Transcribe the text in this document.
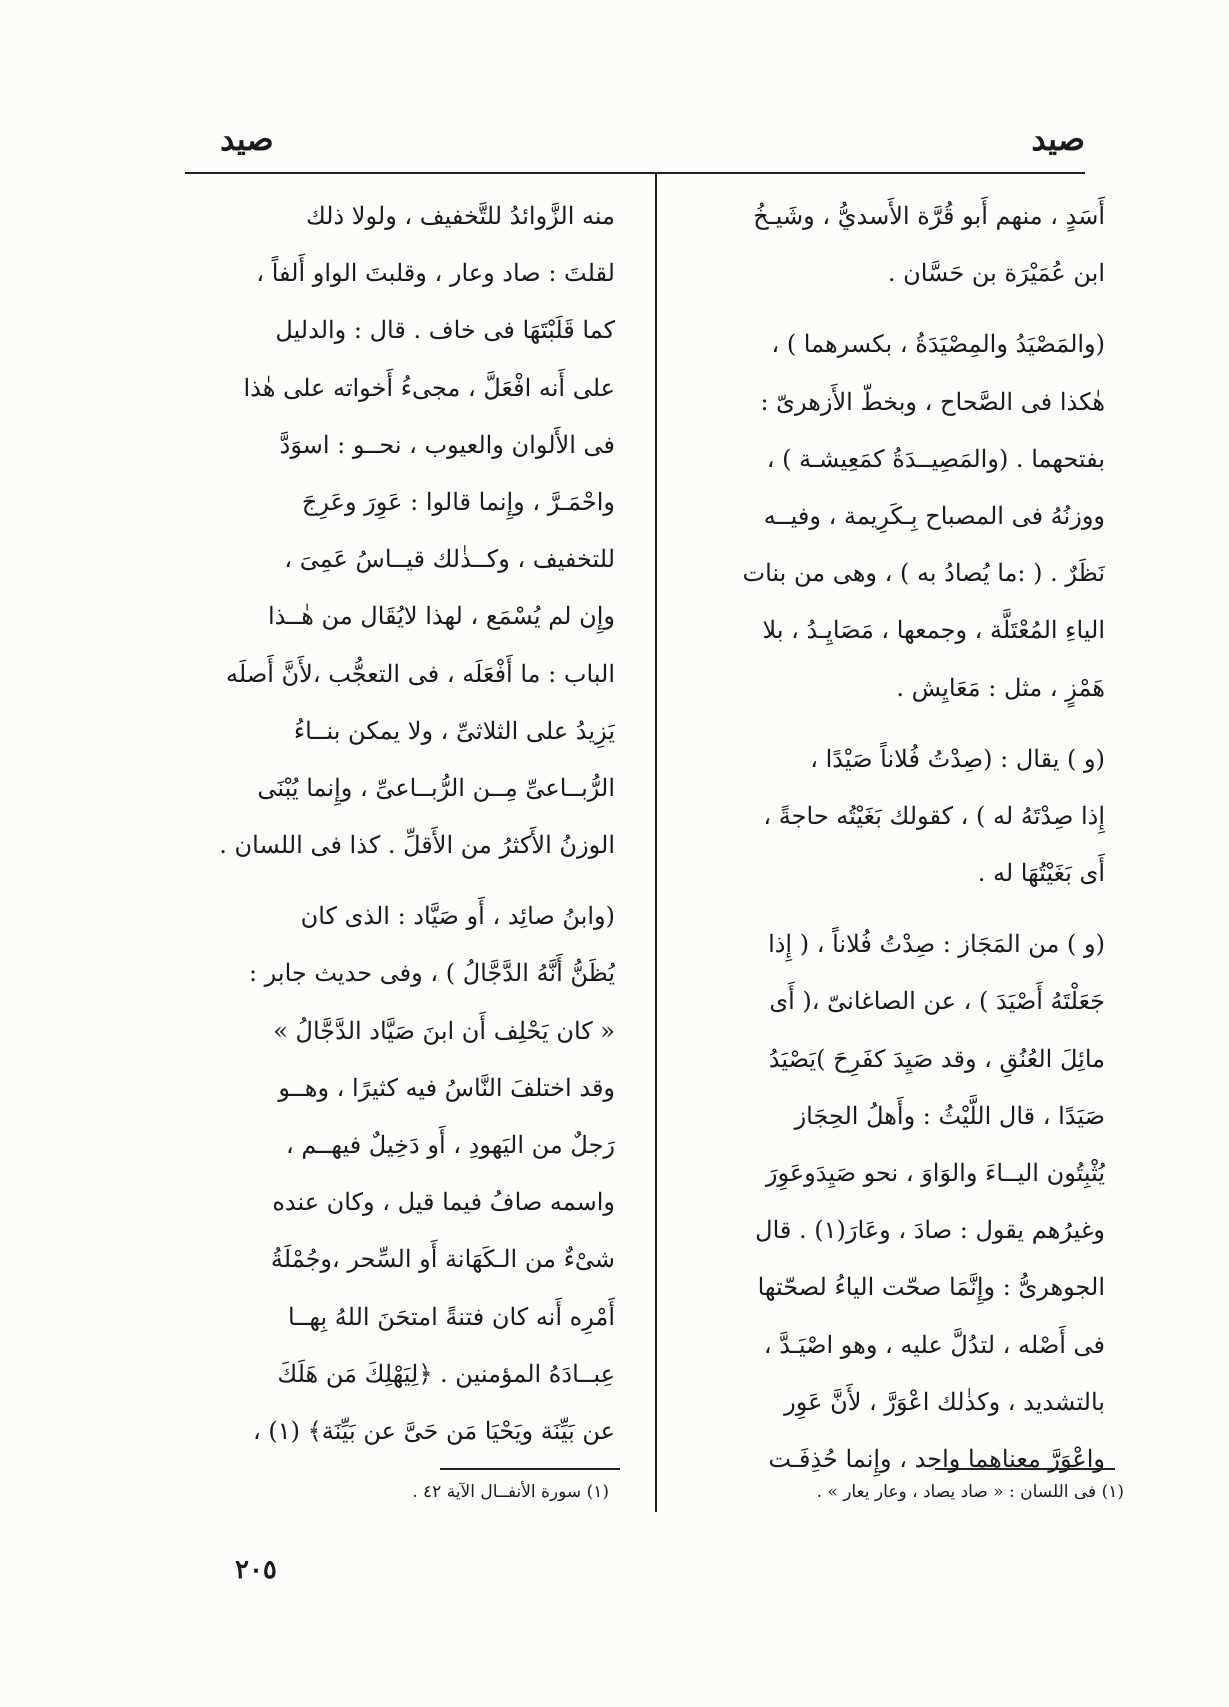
صيد
صيد
أَسَدٍ ، منهم أَبو قُرَّة الأَسديُّ ، وشَيـخُ
ابن عُمَيْرَة بن حَسَّان .
(والمَصْيَدُ والمِصْيَدَةُ ، بكسرهما ) ،
هٰكذا فى الصَّحاح ، وبخطّ الأَزهرىّ :
بفتحهما . (والمَصِيــدَةُ كمَعِيشـة ) ،
ووزنُهُ فى المصباح بِـكَرِيمة ، وفيــه
نَظَرٌ . ( :ما يُصادُ به ) ، وهى من بنات
الياءِ المُعْتَلَّة ، وجمعها ، مَصَايِـدُ ، بلا
هَمْزٍ ، مثل : مَعَايِش .
(و ) يقال : (صِدْتُ فُلاناً صَيْدًا ،
إِذا صِدْتَهُ له ) ، كقولك بَغَيْتُه حاجةً ،
أَى بَغَيْتُهَا له .
(و ) من المَجَاز : صِدْتُ فُلاناً ، ( إِذا
جَعَلْتَهُ أَصْيَدَ ) ، عن الصاغانىّ ،( أَى
مائِلَ العُنُقِ ، وقد صَيِدَ كفَرِحَ )يَصْيَدُ
صَيَدًا ، قال اللَّيْثُ : وأَهلُ الحِجَاز
يُثْبِتُون اليــاءَ والوَاوَ ، نحو صَيِدَوعَوِرَ
وغيرُهم يقول : صادَ ، وعَارَ(١) . قال
الجوهرىُّ : وإِنَّمَا صحّت الياءُ لصحّتها
فى أَصْله ، لتدُلَّ عليه ، وهو اصْيَـدَّ ،
بالتشديد ، وكذٰلك اعْوَرَّ ، لأَنَّ عَوِر
واعْوَرَّ معناهما واحد ، وإِنما حُذِفَـت
منه الزَّوائدُ للتَّخفيف ، ولولا ذلك
لقلتَ : صاد وعار ، وقلبتَ الواو أَلفاً ،
كما قَلَبْتَهَا فى خاف . قال : والدليل
على أَنه افْعَلَّ ، مجىءُ أَخواته على هٰذا
فى الأَلوان والعيوب ، نحــو : اسوَدَّ
واحْمَـرَّ ، وإِنما قالوا : عَوِرَ وعَرِجَ
للتخفيف ، وكــذٰلك قيــاسُ عَمِىَ ،
وإِن لم يُسْمَع ، لهذا لايُقَال من هٰــذا
الباب : ما أَفْعَلَه ، فى التعجُّب ،لأَنَّ أَصلَه
يَزِيدُ على الثلاثىِّ ، ولا يمكن بنــاءُ
الرُّبــاعىِّ مِــن الرُّبــاعىِّ ، وإِنما يُبْنَى
الوزنُ الأَكثرُ من الأَقلِّ . كذا فى اللسان .
(وابنُ صائِد ، أَو صَيَّاد : الذى كان
يُظَنُّ أَنَّهُ الدَّجَّالُ ) ، وفى حديث جابر :
« كان يَحْلِف أَن ابنَ صَيَّاد الدَّجَّالُ »
وقد اختلفَ النَّاسُ فيه كثيرًا ، وهــو
رَجلٌ من اليَهودِ ، أَو دَخِيلٌ فيهــم ،
واسمه صافُ فيما قيل ، وكان عنده
شىْءٌ من الـكَهَانة أَو السِّحر ،وجُمْلَةُ
أَمْرِه أَنه كان فتنةً امتحَنَ اللهُ بِهــا
عِبــادَهُ المؤمنين . ﴿لِيَهْلِكَ مَن هَلَكَ
عن بَيِّنَة ويَحْيَا مَن حَىَّ عن بَيِّنَة﴾ (١) ،
(١) فى اللسان : « صاد يصاد ، وعار يعار » .
(١) سورة الأنفــال الآية ٤٢ .
٢٠٥
